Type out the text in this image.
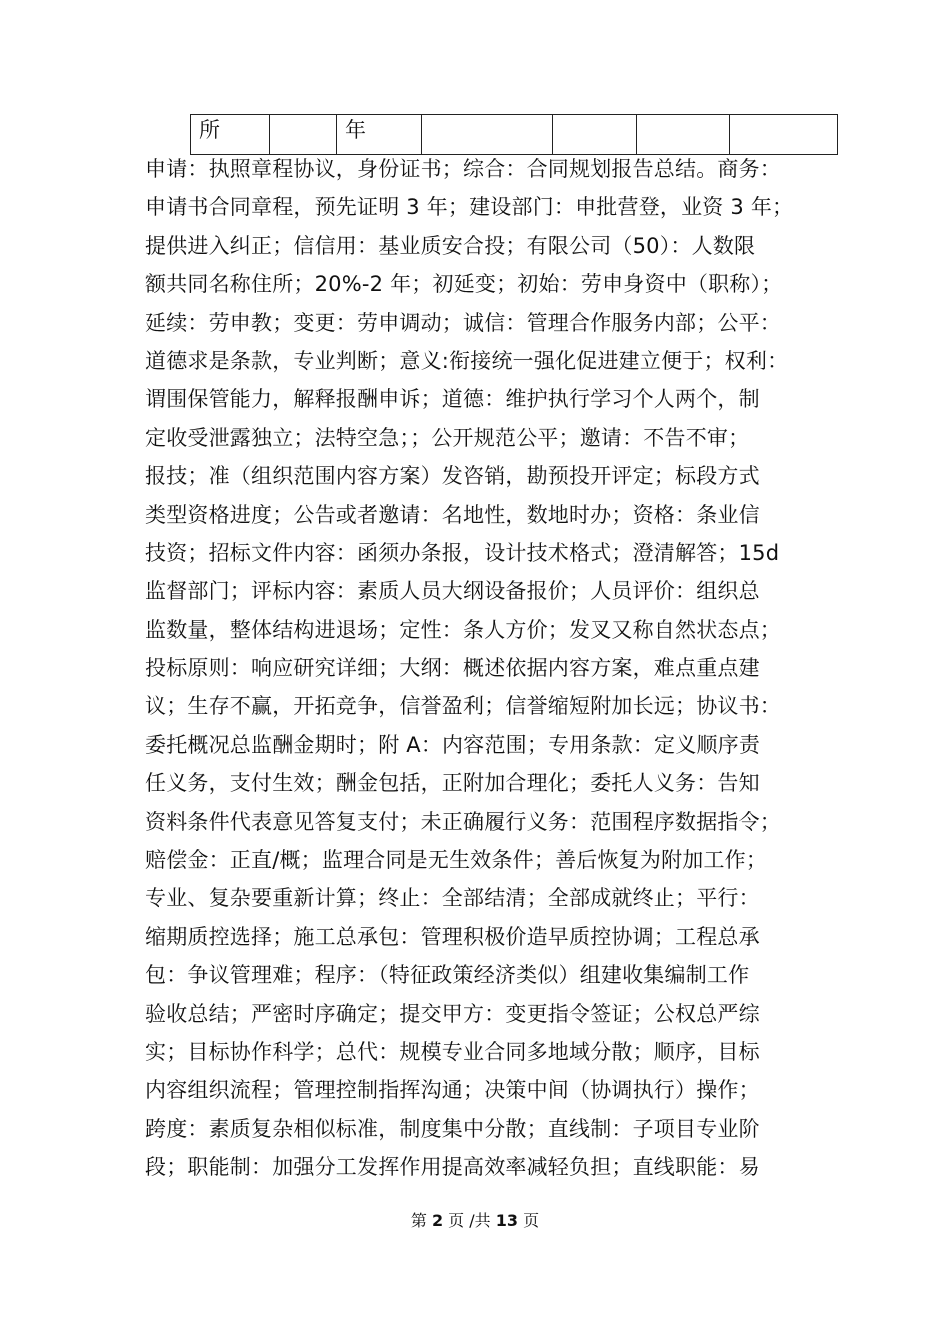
所		年				
申请：执照章程协议，身份证书；综合：合同规划报告总结。商务：
申请书合同章程，预先证明 3 年；建设部门：申批营登，业资 3 年；
提供进入纠正；信信用：基业质安合投；有限公司（50）：人数限
额共同名称住所；20%-2 年；初延变；初始：劳申身资中（职称）；
延续：劳申教；变更：劳申调动；诚信：管理合作服务内部；公平：
道德求是条款，专业判断；意义:衔接统一强化促进建立便于；权利：
谓围保管能力，解释报酬申诉；道德：维护执行学习个人两个，制
定收受泄露独立；法特空急；；公开规范公平；邀请：不告不审；
报技；准（组织范围内容方案）发咨销，勘预投开评定；标段方式
类型资格进度；公告或者邀请：名地性，数地时办；资格：条业信
技资；招标文件内容：函须办条报，设计技术格式；澄清解答；15d
监督部门；评标内容：素质人员大纲设备报价；人员评价：组织总
监数量，整体结构进退场；定性：条人方价；发叉又称自然状态点；
投标原则：响应研究详细；大纲：概述依据内容方案，难点重点建
议；生存不赢，开拓竞争，信誉盈利；信誉缩短附加长远；协议书：
委托概况总监酬金期时；附 A：内容范围；专用条款：定义顺序责
任义务，支付生效；酬金包括，正附加合理化；委托人义务：告知
资料条件代表意见答复支付；未正确履行义务：范围程序数据指令；
赔偿金：正直/概；监理合同是无生效条件；善后恢复为附加工作；
专业、复杂要重新计算；终止：全部结清；全部成就终止；平行：
缩期质控选择；施工总承包：管理积极价造早质控协调；工程总承
包：争议管理难；程序：（特征政策经济类似）组建收集编制工作
验收总结；严密时序确定；提交甲方：变更指令签证；公权总严综
实；目标协作科学；总代：规模专业合同多地域分散；顺序，目标
内容组织流程；管理控制指挥沟通；决策中间（协调执行）操作；
跨度：素质复杂相似标准，制度集中分散；直线制：子项目专业阶
段；职能制：加强分工发挥作用提高效率减轻负担；直线职能：易
第 2 页 /共 13 页
